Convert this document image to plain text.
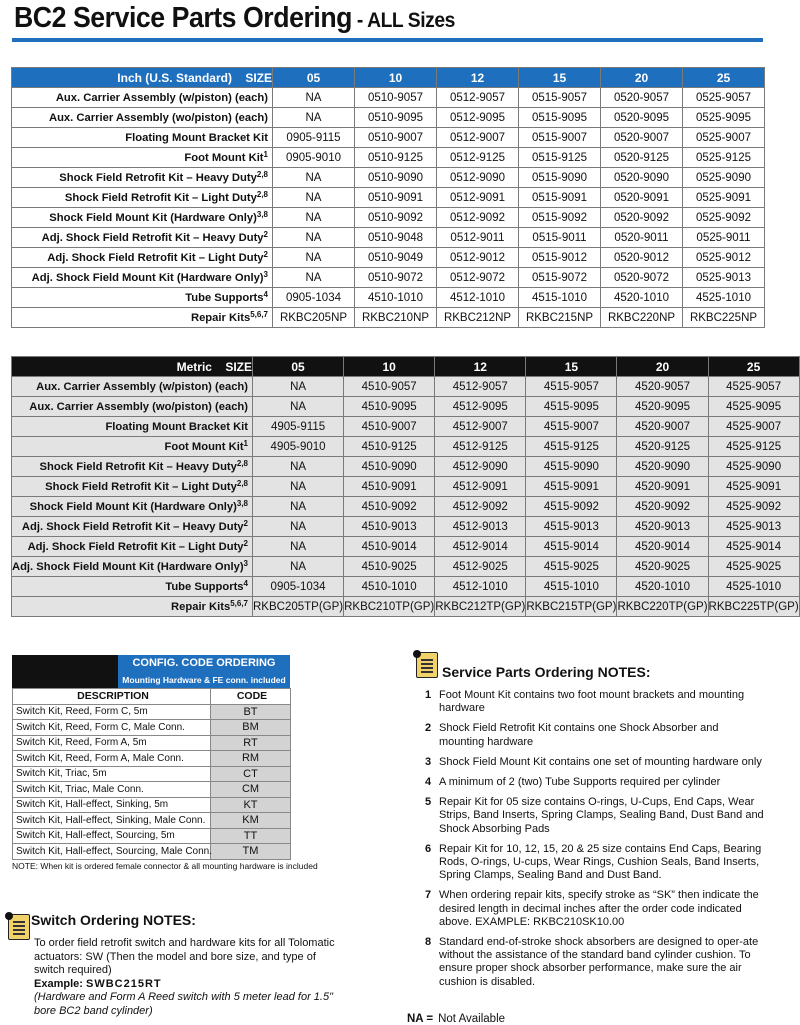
BC2 Service Parts Ordering - ALL Sizes
Inch (U.S. Standard) SIZE	05	10	12	15	20	25
Aux. Carrier Assembly (w/piston) (each)	NA	0510-9057	0512-9057	0515-9057	0520-9057	0525-9057
Aux. Carrier Assembly (wo/piston) (each)	NA	0510-9095	0512-9095	0515-9095	0520-9095	0525-9095
Floating Mount Bracket Kit	0905-9115	0510-9007	0512-9007	0515-9007	0520-9007	0525-9007
Foot Mount Kit$^1$	0905-9010	0510-9125	0512-9125	0515-9125	0520-9125	0525-9125
Shock Field Retrofit Kit – Heavy Duty$^{2,8}$	NA	0510-9090	0512-9090	0515-9090	0520-9090	0525-9090
Shock Field Retrofit Kit – Light Duty$^{2,8}$	NA	0510-9091	0512-9091	0515-9091	0520-9091	0525-9091
Shock Field Mount Kit (Hardware Only)$^{3,8}$	NA	0510-9092	0512-9092	0515-9092	0520-9092	0525-9092
Adj. Shock Field Retrofit Kit – Heavy Duty$^2$	NA	0510-9048	0512-9011	0515-9011	0520-9011	0525-9011
Adj. Shock Field Retrofit Kit – Light Duty$^2$	NA	0510-9049	0512-9012	0515-9012	0520-9012	0525-9012
Adj. Shock Field Mount Kit (Hardware Only)$^3$	NA	0510-9072	0512-9072	0515-9072	0520-9072	0525-9013
Tube Supports$^4$	0905-1034	4510-1010	4512-1010	4515-1010	4520-1010	4525-1010
Repair Kits$^{5,6,7}$	RKBC205NP	RKBC210NP	RKBC212NP	RKBC215NP	RKBC220NP	RKBC225NP
Metric SIZE	05	10	12	15	20	25
Aux. Carrier Assembly (w/piston) (each)	NA	4510-9057	4512-9057	4515-9057	4520-9057	4525-9057
Aux. Carrier Assembly (wo/piston) (each)	NA	4510-9095	4512-9095	4515-9095	4520-9095	4525-9095
Floating Mount Bracket Kit	4905-9115	4510-9007	4512-9007	4515-9007	4520-9007	4525-9007
Foot Mount Kit$^1$	4905-9010	4510-9125	4512-9125	4515-9125	4520-9125	4525-9125
Shock Field Retrofit Kit – Heavy Duty$^{2,8}$	NA	4510-9090	4512-9090	4515-9090	4520-9090	4525-9090
Shock Field Retrofit Kit – Light Duty$^{2,8}$	NA	4510-9091	4512-9091	4515-9091	4520-9091	4525-9091
Shock Field Mount Kit (Hardware Only)$^{3,8}$	NA	4510-9092	4512-9092	4515-9092	4520-9092	4525-9092
Adj. Shock Field Retrofit Kit – Heavy Duty$^2$	NA	4510-9013	4512-9013	4515-9013	4520-9013	4525-9013
Adj. Shock Field Retrofit Kit – Light Duty$^2$	NA	4510-9014	4512-9014	4515-9014	4520-9014	4525-9014
Adj. Shock Field Mount Kit (Hardware Only)$^3$	NA	4510-9025	4512-9025	4515-9025	4520-9025	4525-9025
Tube Supports$^4$	0905-1034	4510-1010	4512-1010	4515-1010	4520-1010	4525-1010
Repair Kits$^{5,6,7}$	RKBC205TP(GP)	RKBC210TP(GP)	RKBC212TP(GP)	RKBC215TP(GP)	RKBC220TP(GP)	RKBC225TP(GP)
CONFIG. CODE ORDERING
Mounting Hardware & FE conn. included
DESCRIPTION	CODE
Switch Kit, Reed, Form C, 5m	BT
Switch Kit, Reed, Form C, Male Conn.	BM
Switch Kit, Reed, Form A, 5m	RT
Switch Kit, Reed, Form A, Male Conn.	RM
Switch Kit, Triac, 5m	CT
Switch Kit, Triac, Male Conn.	CM
Switch Kit, Hall-effect, Sinking, 5m	KT
Switch Kit, Hall-effect, Sinking, Male Conn.	KM
Switch Kit, Hall-effect, Sourcing, 5m	TT
Switch Kit, Hall-effect, Sourcing, Male Conn.	TM
NOTE: When kit is ordered female connector & all mounting hardware is included
Switch Ordering NOTES:
To order field retrofit switch and hardware kits for all Tolomatic actuators: SW (Then the model and bore size, and type of switch required)
Example: SWBC215RT
(Hardware and Form A Reed switch with 5 meter lead for 1.5" bore BC2 band cylinder)
Service Parts Ordering NOTES:
1 Foot Mount Kit contains two foot mount brackets and mounting hardware
2 Shock Field Retrofit Kit contains one Shock Absorber and mounting hardware
3 Shock Field Mount Kit contains one set of mounting hardware only
4 A minimum of 2 (two) Tube Supports required per cylinder
5 Repair Kit for 05 size contains O-rings, U-Cups, End Caps, Wear Strips, Band Inserts, Spring Clamps, Sealing Band, Dust Band and Shock Absorbing Pads
6 Repair Kit for 10, 12, 15, 20 & 25 size contains End Caps, Bearing Rods, O-rings, U-cups, Wear Rings, Cushion Seals, Band Inserts, Spring Clamps, Sealing Band and Dust Band.
7 When ordering repair kits, specify stroke as “SK” then indicate the desired length in decimal inches after the order code indicated above. EXAMPLE: RKBC210SK10.00
8 Standard end-of-stroke shock absorbers are designed to oper-ate without the assistance of the standard band cylinder cushion. To ensure proper shock absorber performance, make sure the air cushion is disabled.
NA = Not Available
